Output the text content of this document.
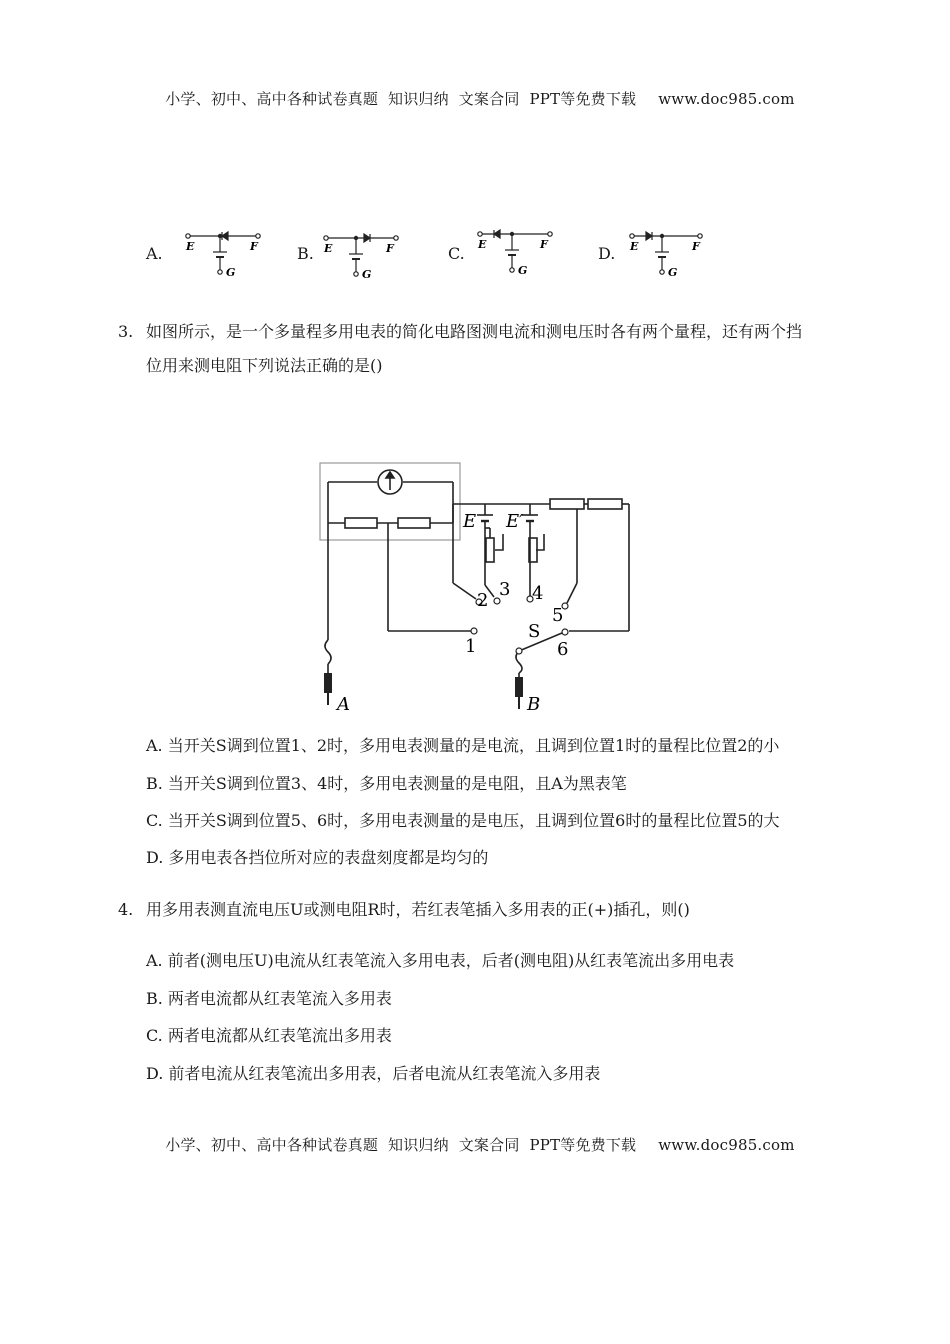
小学、初中、高中各种试卷真题  知识归纳  文案合同  PPT等免费下载 www.doc985.com

A.	B.	C.	D.
E	F
G
E	F
G
E	F
G
E	F
G
3. 如图所示，是一个多量程多用电表的简化电路图测电流和测电压时各有两个量程，还有两个挡
位用来测电阻下列说法正确的是()
E E′
1
2
3 4
5
6
S
A	B
A. 当开关S调到位置1、2时，多用电表测量的是电流，且调到位置1时的量程比位置2的小
B. 当开关S调到位置3、4时，多用电表测量的是电阻，且A为黑表笔
C. 当开关S调到位置5、6时，多用电表测量的是电压，且调到位置6时的量程比位置5的大
D. 多用电表各挡位所对应的表盘刻度都是均匀的
4. 用多用表测直流电压U或测电阻R时，若红表笔插入多用表的正(+)插孔，则()
A. 前者(测电压U)电流从红表笔流入多用电表，后者(测电阻)从红表笔流出多用电表
B. 两者电流都从红表笔流入多用表
C. 两者电流都从红表笔流出多用表
D. 前者电流从红表笔流出多用表，后者电流从红表笔流入多用表

小学、初中、高中各种试卷真题  知识归纳  文案合同  PPT等免费下载 www.doc985.com
